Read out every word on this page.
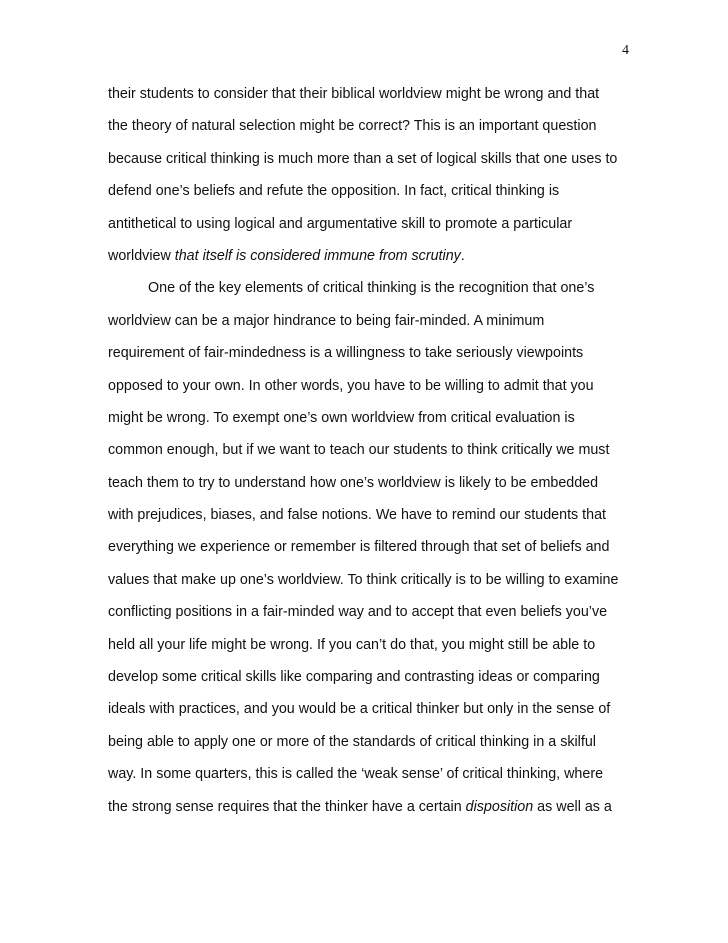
4

their students to consider that their biblical worldview might be wrong and that

the theory of natural selection might be correct? This is an important question

because critical thinking is much more than a set of logical skills that one uses to

defend one’s beliefs and refute the opposition. In fact, critical thinking is

antithetical to using logical and argumentative skill to promote a particular

worldview that itself is considered immune from scrutiny.

One of the key elements of critical thinking is the recognition that one’s

worldview can be a major hindrance to being fair-minded. A minimum

requirement of fair-mindedness is a willingness to take seriously viewpoints

opposed to your own. In other words, you have to be willing to admit that you

might be wrong. To exempt one’s own worldview from critical evaluation is

common enough, but if we want to teach our students to think critically we must

teach them to try to understand how one’s worldview is likely to be embedded

with prejudices, biases, and false notions. We have to remind our students that

everything we experience or remember is filtered through that set of beliefs and

values that make up one’s worldview. To think critically is to be willing to examine

conflicting positions in a fair-minded way and to accept that even beliefs you’ve

held all your life might be wrong. If you can’t do that, you might still be able to

develop some critical skills like comparing and contrasting ideas or comparing

ideals with practices, and you would be a critical thinker but only in the sense of

being able to apply one or more of the standards of critical thinking in a skilful

way. In some quarters, this is called the ‘weak sense’ of critical thinking, where

the strong sense requires that the thinker have a certain disposition as well as a
